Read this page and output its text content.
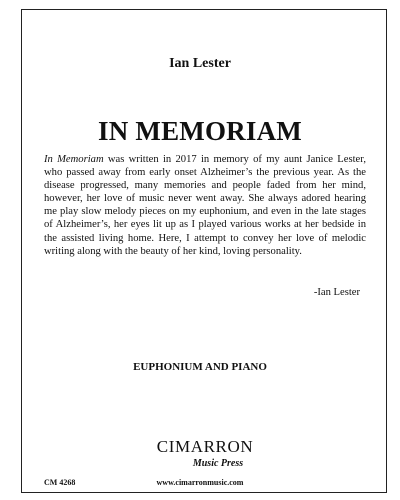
Ian Lester
IN MEMORIAM
In Memoriam was written in 2017 in memory of my aunt Janice Lester, who passed away from early onset Alzheimer’s the previous year. As the disease progressed, many memories and people faded from her mind, however, her love of music never went away. She always adored hearing me play slow melody pieces on my euphonium, and even in the late stages of Alzheimer’s, her eyes lit up as I played various works at her bedside in the assisted living home. Here, I attempt to convey her love of melodic writing along with the beauty of her kind, loving personality.
-Ian Lester
EUPHONIUM AND PIANO
CIMARRON
Music Press
CM 4268	www.cimarronmusic.com
